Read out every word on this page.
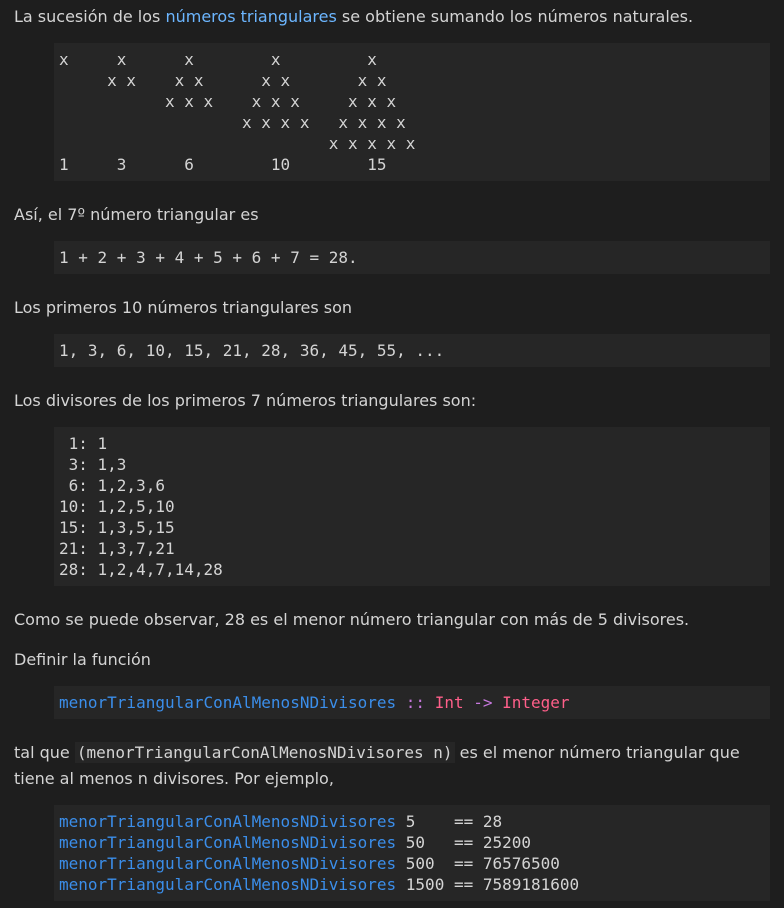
La sucesión de los números triangulares se obtiene sumando los números naturales.

x     x      x        x         x
x x    x x      x x       x x
x x x    x x x     x x x
x x x x   x x x x
x x x x x
1     3      6        10        15

Así, el 7º número triangular es

1 + 2 + 3 + 4 + 5 + 6 + 7 = 28.

Los primeros 10 números triangulares son

1, 3, 6, 10, 15, 21, 28, 36, 45, 55, ...

Los divisores de los primeros 7 números triangulares son:

1: 1
3: 1,3
6: 1,2,3,6
10: 1,2,5,10
15: 1,3,5,15
21: 1,3,7,21
28: 1,2,4,7,14,28

Como se puede observar, 28 es el menor número triangular con más de 5 divisores.

Definir la función

menorTriangularConAlMenosNDivisores :: Int -> Integer

tal que (menorTriangularConAlMenosNDivisores n) es el menor número triangular que tiene al menos n divisores. Por ejemplo,

menorTriangularConAlMenosNDivisores 5    == 28
menorTriangularConAlMenosNDivisores 50   == 25200
menorTriangularConAlMenosNDivisores 500  == 76576500
menorTriangularConAlMenosNDivisores 1500 == 7589181600
